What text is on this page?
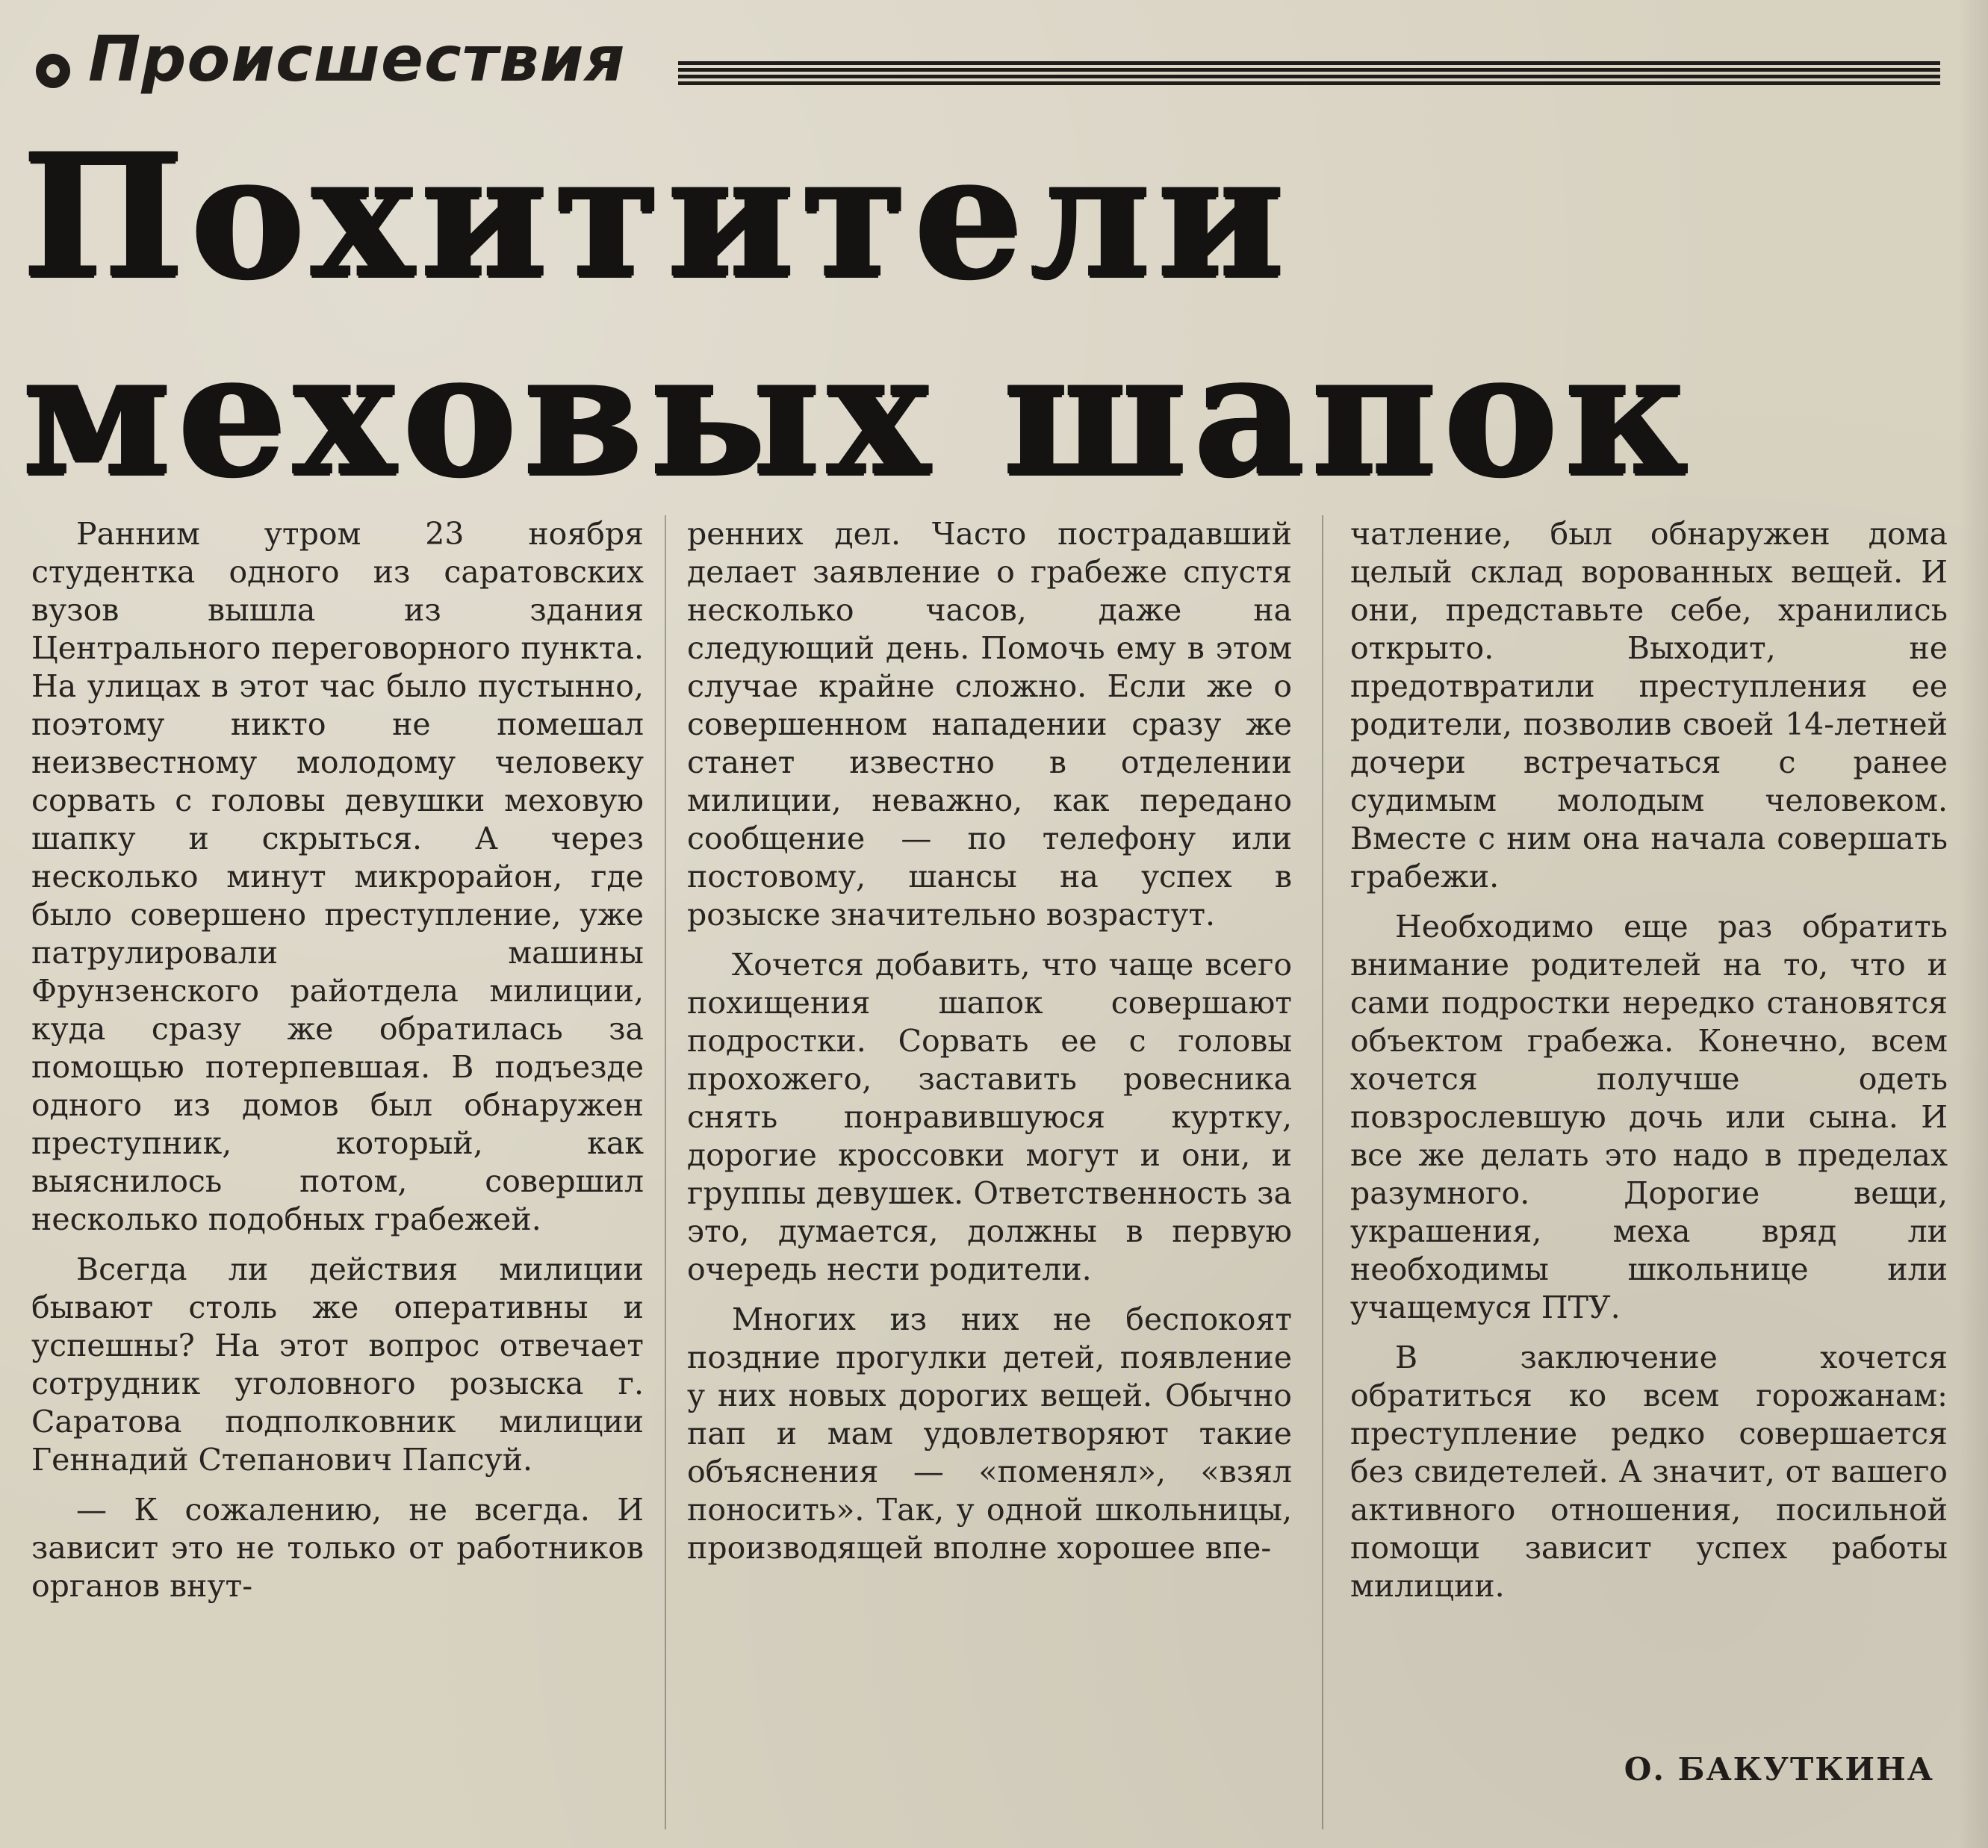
Происшествия
Похитители
меховых шапок

Ранним утром 23 ноября студентка одного из саратовских вузов вышла из здания Центрального переговорного пункта. На улицах в этот час было пустынно, поэтому никто не помешал неизвестному молодому человеку сорвать с головы девушки меховую шапку и скрыться. А через несколько минут микрорайон, где было совершено преступление, уже патрулировали машины Фрунзенского райотдела милиции, куда сразу же обратилась за помощью потерпевшая. В подъезде одного из домов был обнаружен преступник, который, как выяснилось потом, совершил несколько подобных грабежей.

Всегда ли действия милиции бывают столь же оперативны и успешны? На этот вопрос отвечает сотрудник уголовного розыска г. Саратова подполковник милиции Геннадий Степанович Папсуй.

— К сожалению, не всегда. И зависит это не только от работников органов внут-

ренних дел. Часто пострадавший делает заявление о грабеже спустя несколько часов, даже на следующий день. Помочь ему в этом случае крайне сложно. Если же о совершенном нападении сразу же станет известно в отделении милиции, неважно, как передано сообщение — по телефону или постовому, шансы на успех в розыске значительно возрастут.

Хочется добавить, что чаще всего похищения шапок совершают подростки. Сорвать ее с головы прохожего, заставить ровесника снять понравившуюся куртку, дорогие кроссовки могут и они, и группы девушек. Ответственность за это, думается, должны в первую очередь нести родители.

Многих из них не беспокоят поздние прогулки детей, появление у них новых дорогих вещей. Обычно пап и мам удовлетворяют такие объяснения — «поменял», «взял поносить». Так, у одной школьницы, производящей вполне хорошее впе-

чатление, был обнаружен дома целый склад ворованных вещей. И они, представьте себе, хранились открыто. Выходит, не предотвратили преступления ее родители, позволив своей 14-летней дочери встречаться с ранее судимым молодым человеком. Вместе с ним она начала совершать грабежи.

Необходимо еще раз обратить внимание родителей на то, что и сами подростки нередко становятся объектом грабежа. Конечно, всем хочется получше одеть повзрослевшую дочь или сына. И все же делать это надо в пределах разумного. Дорогие вещи, украшения, меха вряд ли необходимы школьнице или учащемуся ПТУ.

В заключение хочется обратиться ко всем горожанам: преступление редко совершается без свидетелей. А значит, от вашего активного отношения, посильной помощи зависит успех работы милиции.

О. БАКУТКИНА
